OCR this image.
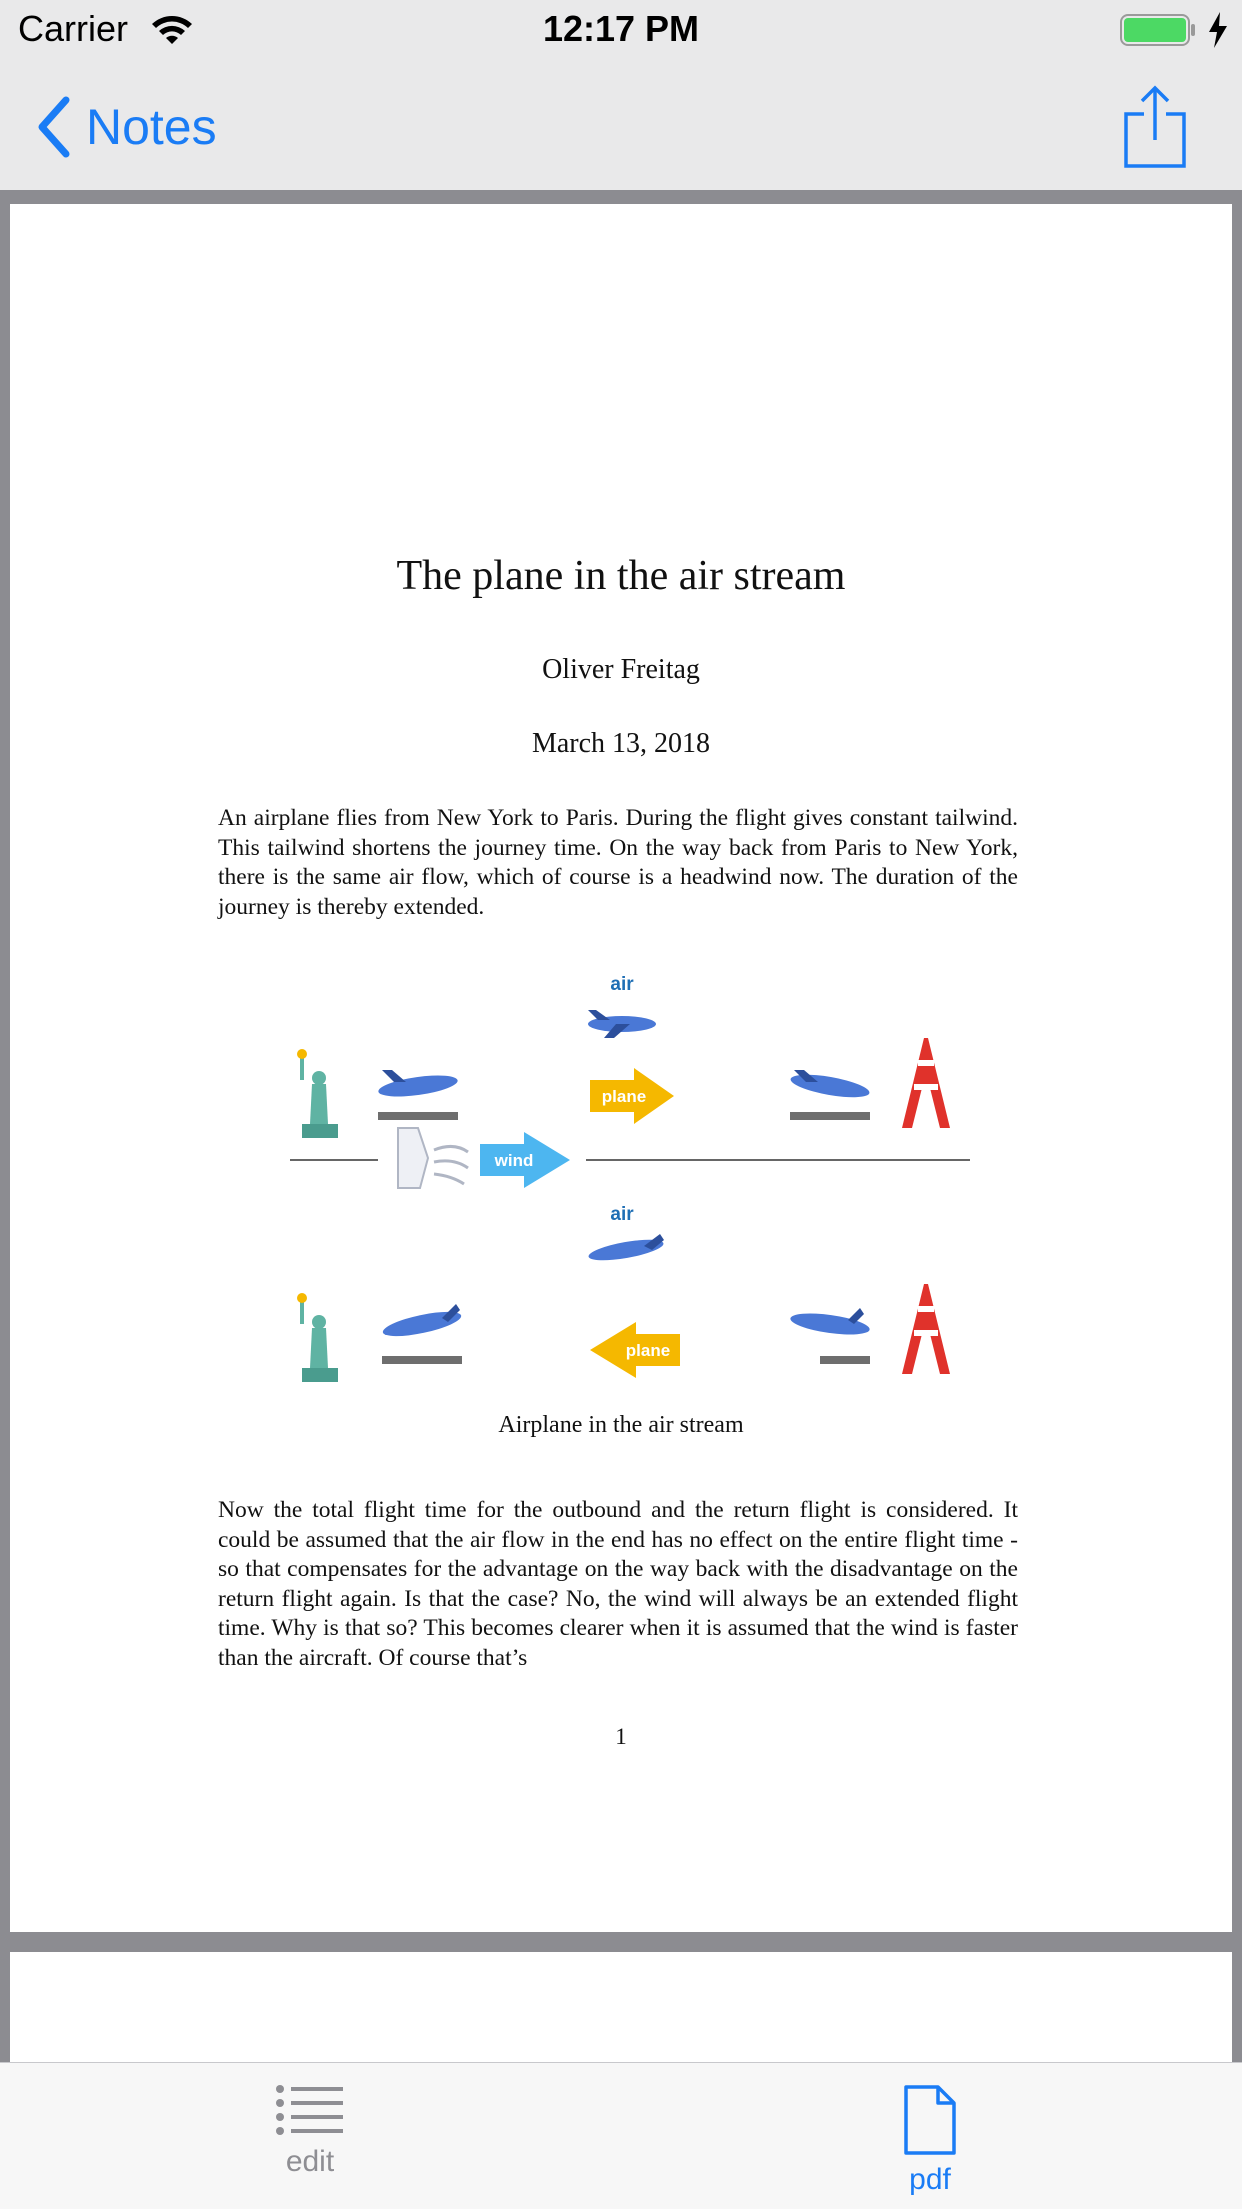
Carrier	12:17 PM
Notes
The plane in the air stream
Oliver Freitag
March 13, 2018

An airplane flies from New York to Paris. During the flight gives constant tailwind. This tailwind shortens the journey time. On the way back from Paris to New York, there is the same air flow, which of course is a headwind now. The duration of the journey is thereby extended.

air
plane
wind
air
plane
Airplane in the air stream

Now the total flight time for the outbound and the return flight is considered. It could be assumed that the air flow in the end has no effect on the entire flight time - so that compensates for the advantage on the way back with the disadvantage on the return flight again. Is that the case? No, the wind will always be an extended flight time. Why is that so? This becomes clearer when it is assumed that the wind is faster than the aircraft. Of course that’s

1
edit
pdf
